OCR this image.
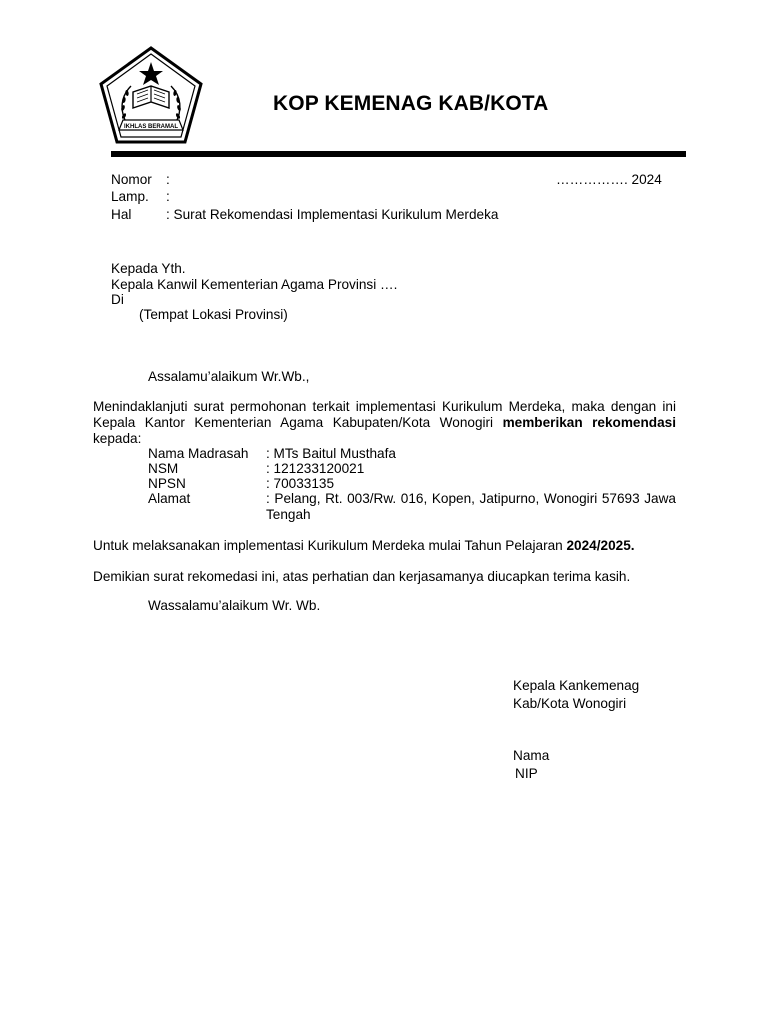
IKHLAS BERAMAL
KOP KEMENAG KAB/KOTA

Nomor :	……………. 2024

Lamp. :

Hal	: Surat Rekomendasi Implementasi Kurikulum Merdeka

Kepada Yth.

Kepala Kanwil Kementerian Agama Provinsi ….

Di

(Tempat Lokasi Provinsi)

Assalamu’alaikum Wr.Wb.,

Menindaklanjuti surat permohonan terkait implementasi Kurikulum Merdeka, maka dengan ini Kepala Kantor Kementerian Agama Kabupaten/Kota Wonogiri memberikan rekomendasi kepada:

Nama Madrasah : MTs Baitul Musthafa

NSM	: 121233120021

NPSN	: 70033135

Alamat	: Pelang, Rt. 003/Rw. 016, Kopen, Jatipurno, Wonogiri 57693 Jawa Tengah

Untuk melaksanakan implementasi Kurikulum Merdeka mulai Tahun Pelajaran 2024/2025.

Demikian surat rekomedasi ini, atas perhatian dan kerjasamanya diucapkan terima kasih.

Wassalamu’alaikum Wr. Wb.

Kepala Kankemenag

Kab/Kota Wonogiri

Nama

NIP
